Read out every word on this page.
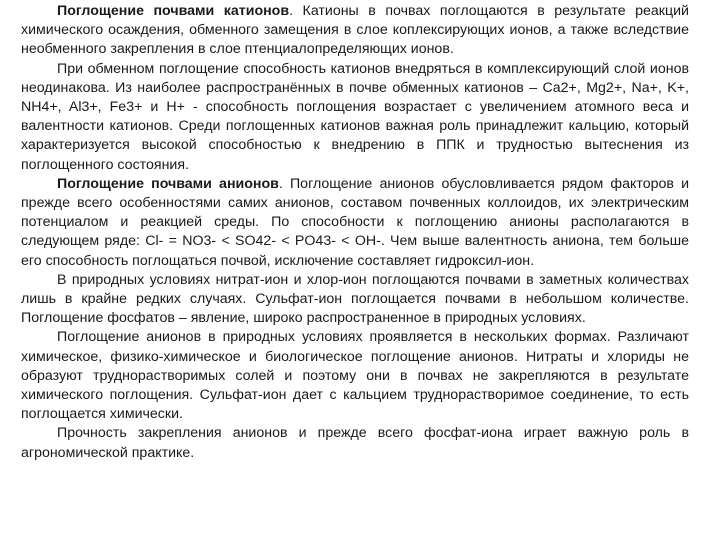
Поглощение почвами катионов. Катионы в почвах поглощаются в результате реакций химического осаждения, обменного замещения в слое коплексирующих ионов, а также вследствие необменного закрепления в слое птенциалопределяющих ионов.

При обменном поглощение способность катионов внедряться в комплексирующий слой ионов неодинакова. Из наиболее распространённых в почве обменных катионов – Ca2+, Mg2+, Na+, K+, NH4+, Al3+, Fe3+ и H+ - способность поглощения возрастает с увеличением атомного веса и валентности катионов. Среди поглощенных катионов важная роль принадлежит кальцию, который характеризуется высокой способностью к внедрению в ППК и трудностью вытеснения из поглощенного состояния.

Поглощение почвами анионов. Поглощение анионов обусловливается рядом факторов и прежде всего особенностями самих анионов, составом почвенных коллоидов, их электрическим потенциалом и реакцией среды. По способности к поглощению анионы располагаются в следующем ряде: Cl- = NO3- < SO42- < PO43- < OH-. Чем выше валентность аниона, тем больше его способность поглощаться почвой, исключение составляет гидроксил-ион.

В природных условиях нитрат-ион и хлор-ион поглощаются почвами в заметных количествах лишь в крайне редких случаях. Сульфат-ион поглощается почвами в небольшом количестве. Поглощение фосфатов – явление, широко распространенное в природных условиях.

Поглощение анионов в природных условиях проявляется в нескольких формах. Различают химическое, физико-химическое и биологическое поглощение анионов. Нитраты и хлориды не образуют труднорастворимых солей и поэтому они в почвах не закрепляются в результате химического поглощения. Сульфат-ион дает с кальцием труднорастворимое соединение, то есть поглощается химически.

Прочность закрепления анионов и прежде всего фосфат-иона играет важную роль в агрономической практике.
